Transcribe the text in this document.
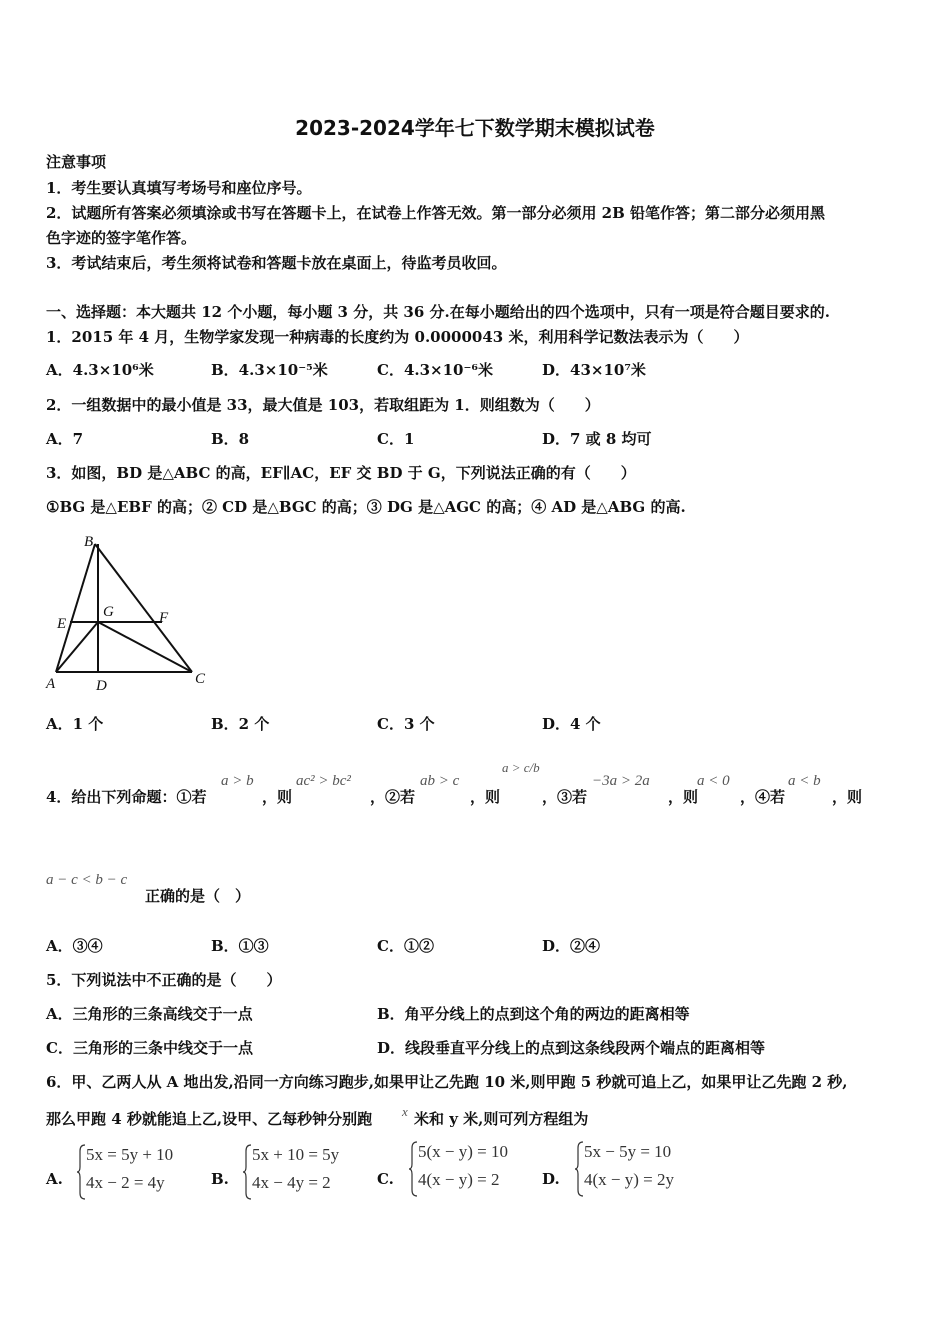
2023-2024学年七下数学期末模拟试卷
注意事项
1．考生要认真填写考场号和座位序号。
2．试题所有答案必须填涂或书写在答题卡上，在试卷上作答无效。第一部分必须用 2B 铅笔作答；第二部分必须用黑
色字迹的签字笔作答。
3．考试结束后，考生须将试卷和答题卡放在桌面上，待监考员收回。
一、选择题：本大题共 12 个小题，每小题 3 分，共 36 分.在每小题给出的四个选项中，只有一项是符合题目要求的.
1．2015 年 4 月，生物学家发现一种病毒的长度约为 0.0000043 米，利用科学记数法表示为（　　）
A．4.3×10⁶米	B．4.3×10⁻⁵米	C．4.3×10⁻⁶米	D．43×10⁷米
2．一组数据中的最小值是 33，最大值是 103，若取组距为 1．则组数为（　　）
A．7	B．8	C．1	D．7 或 8 均可
3．如图，BD 是△ABC 的高，EF∥AC，EF 交 BD 于 G，下列说法正确的有（　　）
①BG 是△EBF 的高；② CD 是△BGC 的高；③ DG 是△AGC 的高；④ AD 是△ABG 的高.
B
G	F
E
A	D	C
A．1 个	B．2 个	C．3 个	D．4 个
4．给出下列命题：①若
a > b
，则
ac² > bc²
，②若
ab > c
，则
a > c/b
，③若
−3a > 2a
，则
a < 0
，④若
a < b
，则
a − c < b − c
正确的是（　）
A．③④	B．①③	C．①②	D．②④
5．下列说法中不正确的是（　　）
A．三角形的三条高线交于一点	B．角平分线上的点到这个角的两边的距离相等
C．三角形的三条中线交于一点	D．线段垂直平分线上的点到这条线段两个端点的距离相等
6．甲、乙两人从 A 地出发,沿同一方向练习跑步,如果甲让乙先跑 10 米,则甲跑 5 秒就可追上乙，如果甲让乙先跑 2 秒,
那么甲跑 4 秒就能追上乙,设甲、乙每秒钟分别跑 x 米和 y 米,则可列方程组为
A.
5x = 5y + 10
4x − 2 = 4y	B.
5x + 10 = 5y
4x − 4y = 2	C.
5(x − y) = 10
4(x − y) = 2	D.
5x − 5y = 10
4(x − y) = 2y
